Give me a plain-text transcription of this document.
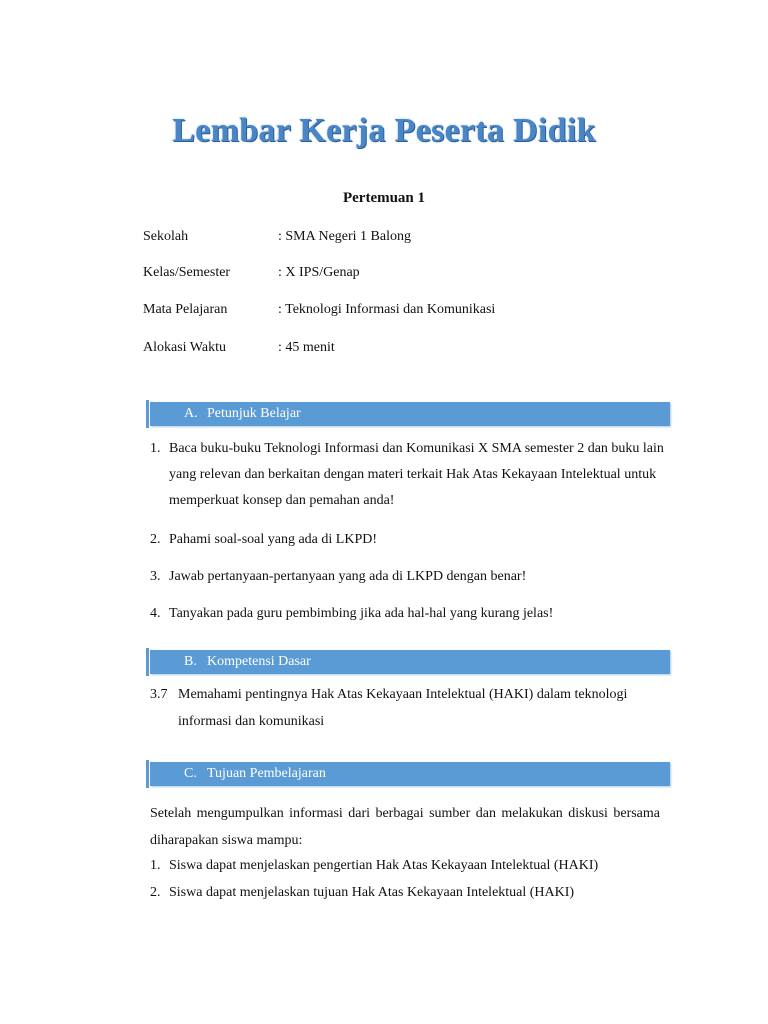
Lembar Kerja Peserta Didik
Pertemuan 1
Sekolah	: SMA Negeri 1 Balong
Kelas/Semester	: X IPS/Genap
Mata Pelajaran	: Teknologi Informasi dan Komunikasi
Alokasi Waktu	: 45 menit
A. Petunjuk Belajar
1. Baca buku-buku Teknologi Informasi dan Komunikasi X SMA semester 2 dan buku lain yang relevan dan berkaitan dengan materi terkait Hak Atas Kekayaan Intelektual untuk memperkuat konsep dan pemahan anda!
2. Pahami soal-soal yang ada di LKPD!
3. Jawab pertanyaan-pertanyaan yang ada di LKPD dengan benar!
4. Tanyakan pada guru pembimbing jika ada hal-hal yang kurang jelas!
B. Kompetensi Dasar
3.7 Memahami pentingnya Hak Atas Kekayaan Intelektual (HAKI) dalam teknologi informasi dan komunikasi
C. Tujuan Pembelajaran
Setelah mengumpulkan informasi dari berbagai sumber dan melakukan diskusi bersama diharapakan siswa mampu:
1. Siswa dapat menjelaskan pengertian Hak Atas Kekayaan Intelektual (HAKI)
2. Siswa dapat menjelaskan tujuan Hak Atas Kekayaan Intelektual (HAKI)
